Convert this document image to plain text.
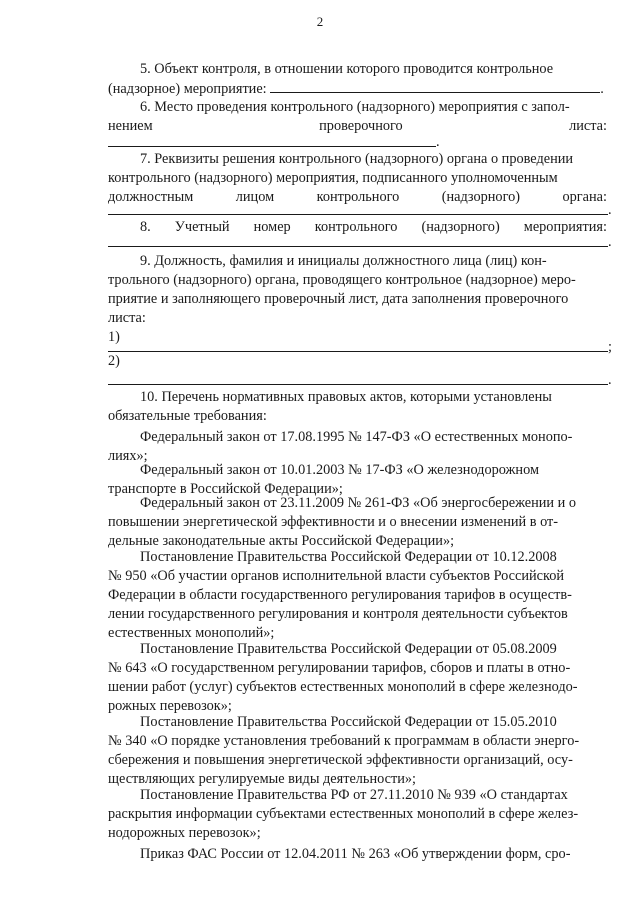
2
5. Объект контроля, в отношении которого проводится контрольное
(надзорное) мероприятие:	.
6. Место проведения контрольного (надзорного) мероприятия с запол-
нением	проверочного	листа:
.
7. Реквизиты решения контрольного (надзорного) органа о проведении
контрольного (надзорного) мероприятия, подписанного уполномоченным
должностным	лицом	контрольного	(надзорного)	органа:
.
8. Учетный номер контрольного (надзорного) мероприятия:
.
9. Должность, фамилия и инициалы должностного лица (лиц) кон-
трольного (надзорного) органа, проводящего контрольное (надзорное) меро-
приятие и заполняющего проверочный лист, дата заполнения проверочного
листа:
1)
;
2)
.
10. Перечень нормативных правовых актов, которыми установлены
обязательные требования:
Федеральный закон от 17.08.1995 № 147-ФЗ «О естественных монопо-
лиях»;
Федеральный закон от 10.01.2003 № 17-ФЗ «О железнодорожном
транспорте в Российской Федерации»;
Федеральный закон от 23.11.2009 № 261-ФЗ «Об энергосбережении и о
повышении энергетической эффективности и о внесении изменений в от-
дельные законодательные акты Российской Федерации»;
Постановление Правительства Российской Федерации от 10.12.2008
№ 950 «Об участии органов исполнительной власти субъектов Российской
Федерации в области государственного регулирования тарифов в осуществ-
лении государственного регулирования и контроля деятельности субъектов
естественных монополий»;
Постановление Правительства Российской Федерации от 05.08.2009
№ 643 «О государственном регулировании тарифов, сборов и платы в отно-
шении работ (услуг) субъектов естественных монополий в сфере железнодо-
рожных перевозок»;
Постановление Правительства Российской Федерации от 15.05.2010
№ 340 «О порядке установления требований к программам в области энерго-
сбережения и повышения энергетической эффективности организаций, осу-
ществляющих регулируемые виды деятельности»;
Постановление Правительства РФ от 27.11.2010 № 939 «О стандартах
раскрытия информации субъектами естественных монополий в сфере желез-
нодорожных перевозок»;
Приказ ФАС России от 12.04.2011 № 263 «Об утверждении форм, сро-
